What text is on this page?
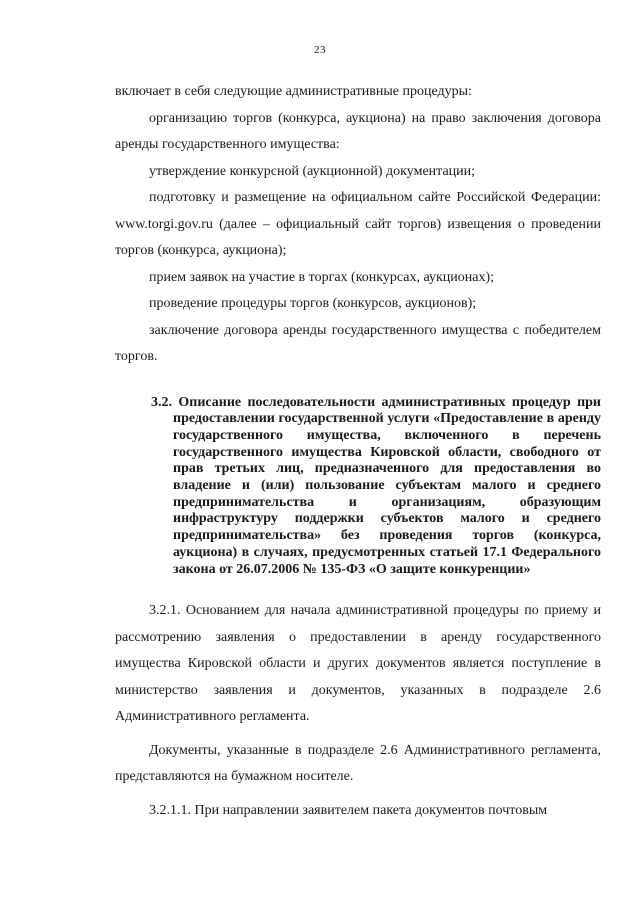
23

включает в себя следующие административные процедуры:

организацию торгов (конкурса, аукциона) на право заключения договора аренды государственного имущества:

утверждение конкурсной (аукционной) документации;

подготовку и размещение на официальном сайте Российской Федерации: www.torgi.gov.ru (далее – официальный сайт торгов) извещения о проведении торгов (конкурса, аукциона);

прием заявок на участие в торгах (конкурсах, аукционах);

проведение процедуры торгов (конкурсов, аукционов);

заключение договора аренды государственного имущества с победителем торгов.

3.2. Описание последовательности административных процедур при предоставлении государственной услуги «Предоставление в аренду государственного имущества, включенного в перечень государственного имущества Кировской области, свободного от прав третьих лиц, предназначенного для предоставления во владение и (или) пользование субъектам малого и среднего предпринимательства и организациям, образующим инфраструктуру поддержки субъектов малого и среднего предпринимательства» без проведения торгов (конкурса, аукциона) в случаях, предусмотренных статьей 17.1 Федерального закона от 26.07.2006 № 135-ФЗ «О защите конкуренции»

3.2.1. Основанием для начала административной процедуры по приему и рассмотрению заявления о предоставлении в аренду государственного имущества Кировской области и других документов является поступление в министерство заявления и документов, указанных в подразделе 2.6 Административного регламента.

Документы, указанные в подразделе 2.6 Административного регламента, представляются на бумажном носителе.

3.2.1.1. При направлении заявителем пакета документов почтовым
